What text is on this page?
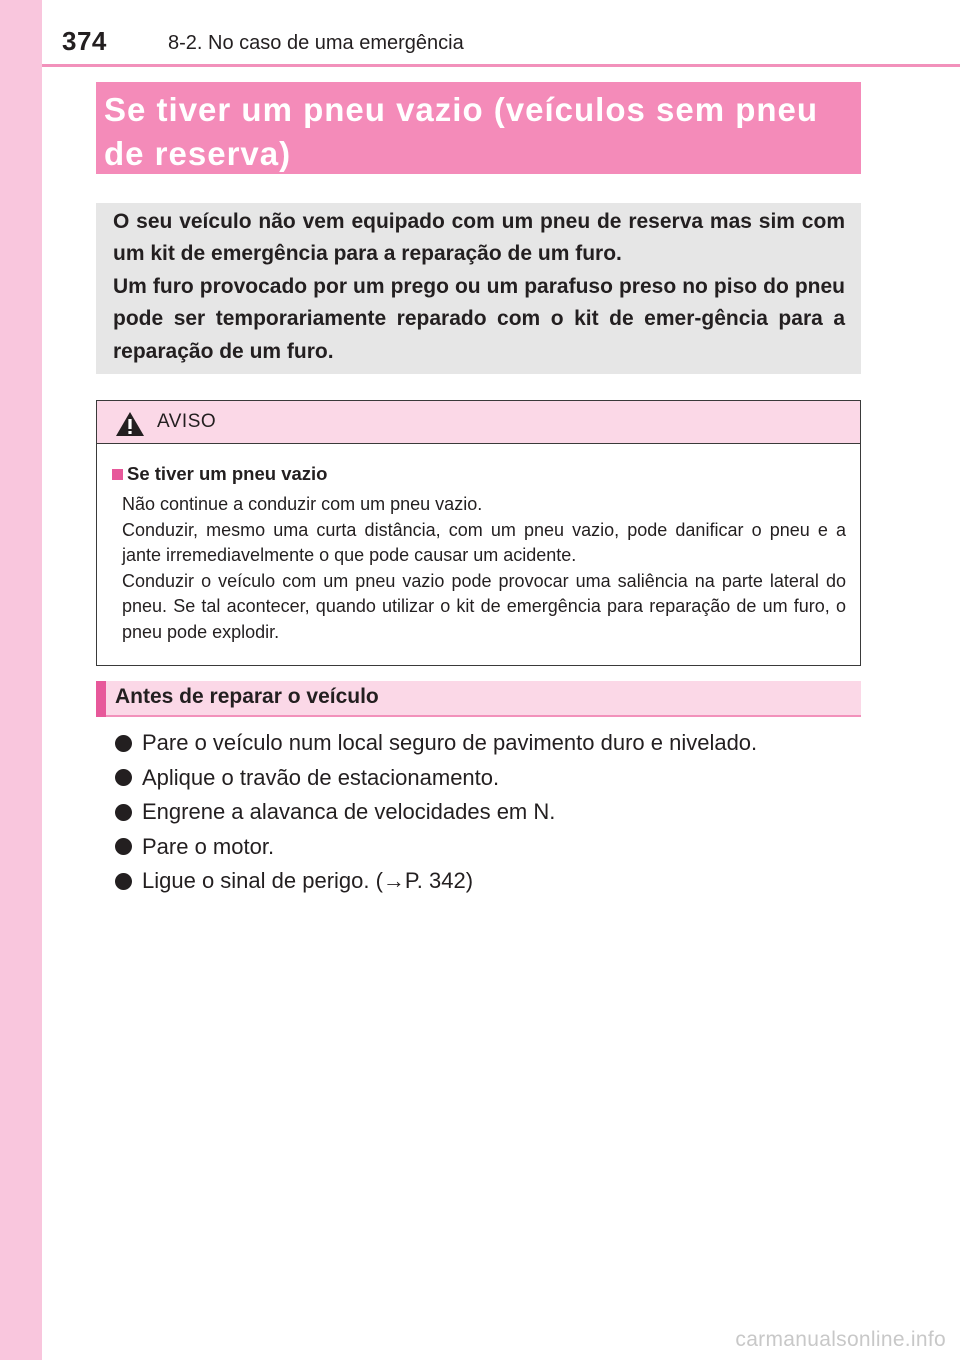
374	8-2. No caso de uma emergência
Se tiver um pneu vazio (veículos sem pneu
de reserva)

O seu veículo não vem equipado com um pneu de reserva mas sim com um kit de emergência para a reparação de um furo.

Um furo provocado por um prego ou um parafuso preso no piso do pneu pode ser temporariamente reparado com o kit de emer-gência para a reparação de um furo.

AVISO
Se tiver um pneu vazio

Não continue a conduzir com um pneu vazio.

Conduzir, mesmo uma curta distância, com um pneu vazio, pode danificar o pneu e a jante irremediavelmente o que pode causar um acidente.

Conduzir o veículo com um pneu vazio pode provocar uma saliência na parte lateral do pneu. Se tal acontecer, quando utilizar o kit de emergência para reparação de um furo, o pneu pode explodir.

Antes de reparar o veículo
Pare o veículo num local seguro de pavimento duro e nivelado.
Aplique o travão de estacionamento.
Engrene a alavanca de velocidades em N.
Pare o motor.
Ligue o sinal de perigo. (→P. 342)
carmanualsonline.info
